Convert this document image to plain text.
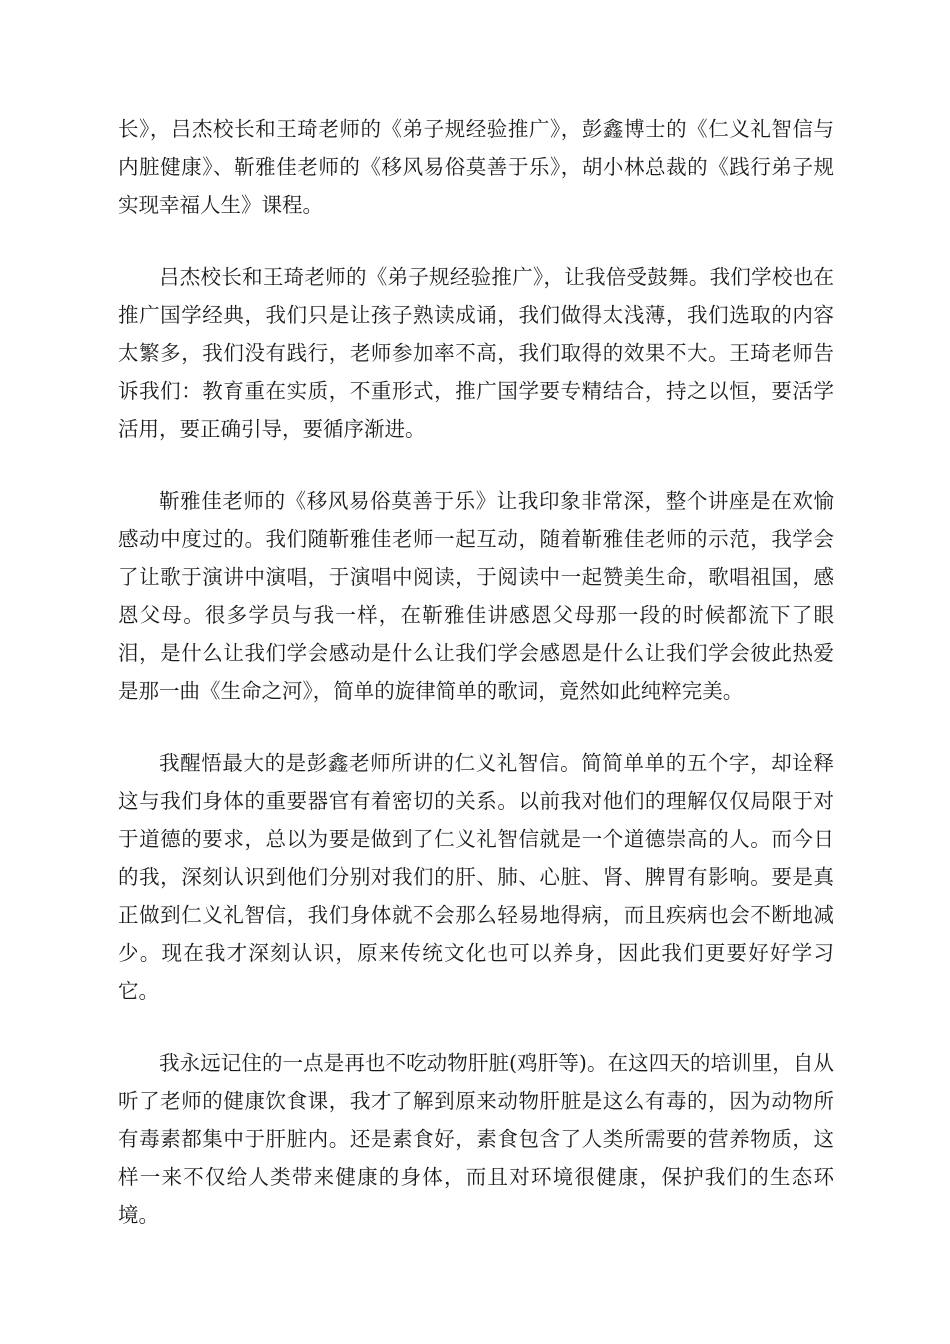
长》，吕杰校长和王琦老师的《弟子规经验推广》，彭鑫博士的《仁义礼智信与内脏健康》、靳雅佳老师的《移风易俗莫善于乐》，胡小林总裁的《践行弟子规实现幸福人生》课程。

吕杰校长和王琦老师的《弟子规经验推广》，让我倍受鼓舞。我们学校也在推广国学经典，我们只是让孩子熟读成诵，我们做得太浅薄，我们选取的内容太繁多，我们没有践行，老师参加率不高，我们取得的效果不大。王琦老师告诉我们：教育重在实质，不重形式，推广国学要专精结合，持之以恒，要活学活用，要正确引导，要循序渐进。

靳雅佳老师的《移风易俗莫善于乐》让我印象非常深，整个讲座是在欢愉感动中度过的。我们随靳雅佳老师一起互动，随着靳雅佳老师的示范，我学会了让歌于演讲中演唱，于演唱中阅读，于阅读中一起赞美生命，歌唱祖国，感恩父母。很多学员与我一样，在靳雅佳讲感恩父母那一段的时候都流下了眼泪，是什么让我们学会感动是什么让我们学会感恩是什么让我们学会彼此热爱是那一曲《生命之河》，简单的旋律简单的歌词，竟然如此纯粹完美。

我醒悟最大的是彭鑫老师所讲的仁义礼智信。简简单单的五个字，却诠释这与我们身体的重要器官有着密切的关系。以前我对他们的理解仅仅局限于对于道德的要求，总以为要是做到了仁义礼智信就是一个道德崇高的人。而今日的我，深刻认识到他们分别对我们的肝、肺、心脏、肾、脾胃有影响。要是真正做到仁义礼智信，我们身体就不会那么轻易地得病，而且疾病也会不断地减少。现在我才深刻认识，原来传统文化也可以养身，因此我们更要好好学习它。

我永远记住的一点是再也不吃动物肝脏(鸡肝等)。在这四天的培训里，自从听了老师的健康饮食课，我才了解到原来动物肝脏是这么有毒的，因为动物所有毒素都集中于肝脏内。还是素食好，素食包含了人类所需要的营养物质，这样一来不仅给人类带来健康的身体，而且对环境很健康，保护我们的生态环境。
